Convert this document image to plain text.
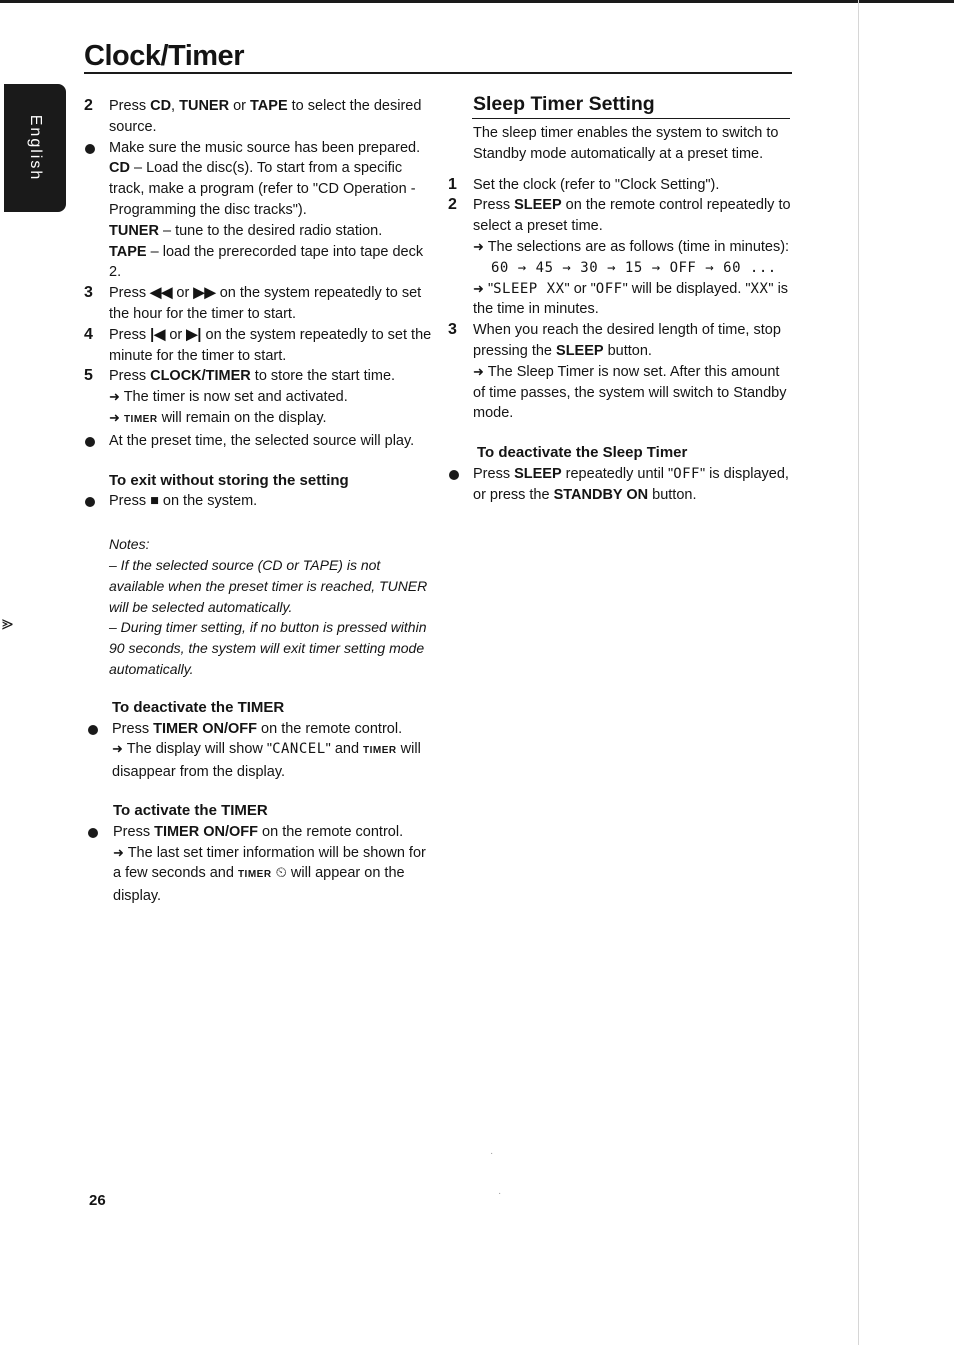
Clock/Timer
English
⪢
2 Press CD, TUNER or TAPE to select the desired source.
Make sure the music source has been prepared.
CD – Load the disc(s). To start from a specific track, make a program (refer to "CD Operation - Programming the disc tracks").
TUNER – tune to the desired radio station.
TAPE – load the prerecorded tape into tape deck 2.
3 Press ◀◀ or ▶▶ on the system repeatedly to set the hour for the timer to start.
4 Press |◀ or ▶| on the system repeatedly to set the minute for the timer to start.
5 Press CLOCK/TIMER to store the start time.
➜ The timer is now set and activated.
➜ TIMER will remain on the display.
At the preset time, the selected source will play.

To exit without storing the setting

Press ■ on the system.
Notes:
– If the selected source (CD or TAPE) is not available when the preset timer is reached, TUNER will be selected automatically.
– During timer setting, if no button is pressed within 90 seconds, the system will exit timer setting mode automatically.

To deactivate the TIMER

Press TIMER ON/OFF on the remote control.
➜ The display will show "CANCEL" and TIMER will disappear from the display.

To activate the TIMER

Press TIMER ON/OFF on the remote control.
➜ The last set timer information will be shown for a few seconds and TIMER ⏲ will appear on the display.
Sleep Timer Setting
The sleep timer enables the system to switch to Standby mode automatically at a preset time.
1 Set the clock (refer to "Clock Setting").
2 Press SLEEP on the remote control repeatedly to select a preset time.
➜ The selections are as follows (time in minutes):
60 → 45 → 30 → 15 → OFF → 60 ...
➜ "SLEEP XX" or "OFF" will be displayed. "XX" is the time in minutes.
3 When you reach the desired length of time, stop pressing the SLEEP button.
➜ The Sleep Timer is now set. After this amount of time passes, the system will switch to Standby mode.

To deactivate the Sleep Timer

Press SLEEP repeatedly until "OFF" is displayed, or press the STANDBY ON button.
26
·
·
